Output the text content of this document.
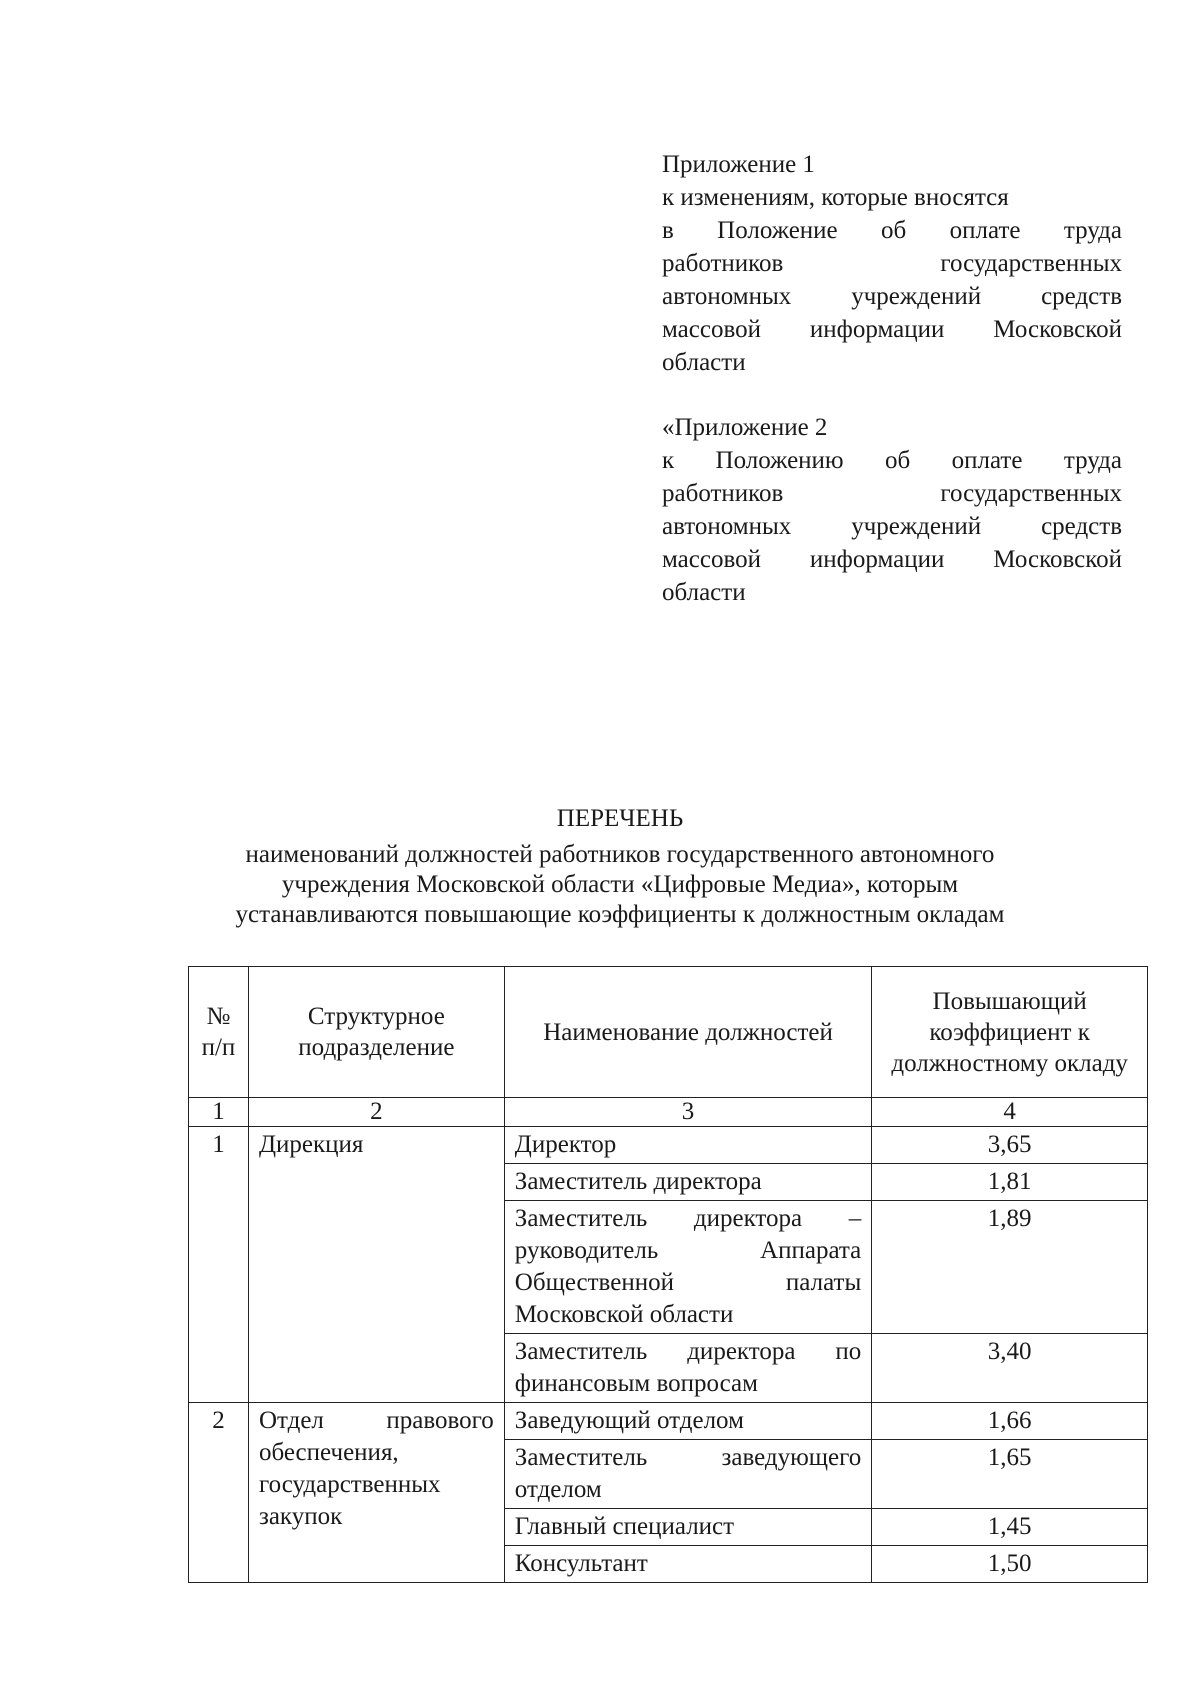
Приложение 1
к изменениям, которые вносятся
в Положение об оплате труда
работников государственных
автономных учреждений средств
массовой информации Московской
области
«Приложение 2
к Положению об оплате труда
работников государственных
автономных учреждений средств
массовой информации Московской
области
ПЕРЕЧЕНЬ
наименований должностей работников государственного автономного
учреждения Московской области «Цифровые Медиа», которым
устанавливаются повышающие коэффициенты к должностным окладам
№ п/п	Структурное подразделение	Наименование должностей	Повышающий коэффициент к должностному окладу
1	2	3	4
1	Дирекция	Директор	3,65
		Заместитель директора	1,81
		Заместитель директора – руководитель Аппарата Общественной палаты Московской области	1,89
		Заместитель директора по финансовым вопросам	3,40
2	Отдел правового обеспечения, государственных закупок	Заведующий отделом	1,66
		Заместитель заведующего отделом	1,65
		Главный специалист	1,45
		Консультант	1,50
